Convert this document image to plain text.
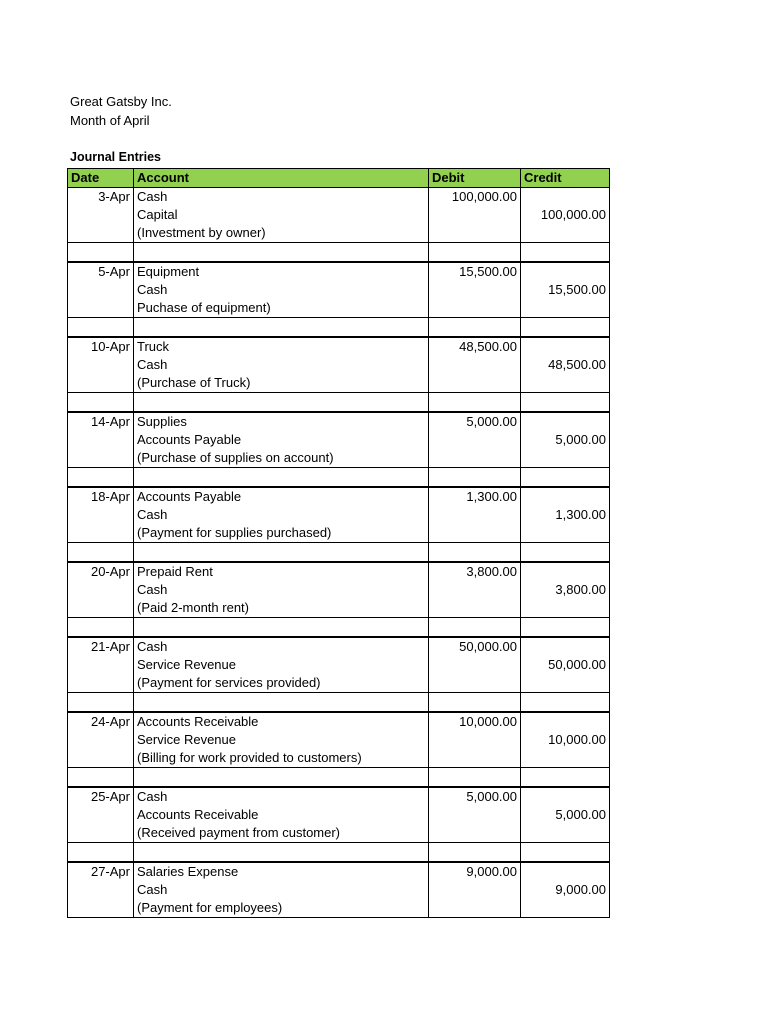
Great Gatsby Inc.
Month of April
Journal Entries
Date	Account	Debit	Credit
3-Apr	Cash	100,000.00	
	Capital		100,000.00
	(Investment by owner)		

5-Apr	Equipment	15,500.00	
	Cash		15,500.00
	Puchase of equipment)		

10-Apr	Truck	48,500.00	
	Cash		48,500.00
	(Purchase of Truck)		

14-Apr	Supplies	5,000.00	
	Accounts Payable		5,000.00
	(Purchase of supplies on account)		

18-Apr	Accounts Payable	1,300.00	
	Cash		1,300.00
	(Payment for supplies purchased)		

20-Apr	Prepaid Rent	3,800.00	
	Cash		3,800.00
	(Paid 2-month rent)		

21-Apr	Cash	50,000.00	
	Service Revenue		50,000.00
	(Payment for services provided)		

24-Apr	Accounts Receivable	10,000.00	
	Service Revenue		10,000.00
	(Billing for work provided to customers)		

25-Apr	Cash	5,000.00	
	Accounts Receivable		5,000.00
	(Received payment from customer)		

27-Apr	Salaries Expense	9,000.00	
	Cash		9,000.00
	(Payment for employees)		
